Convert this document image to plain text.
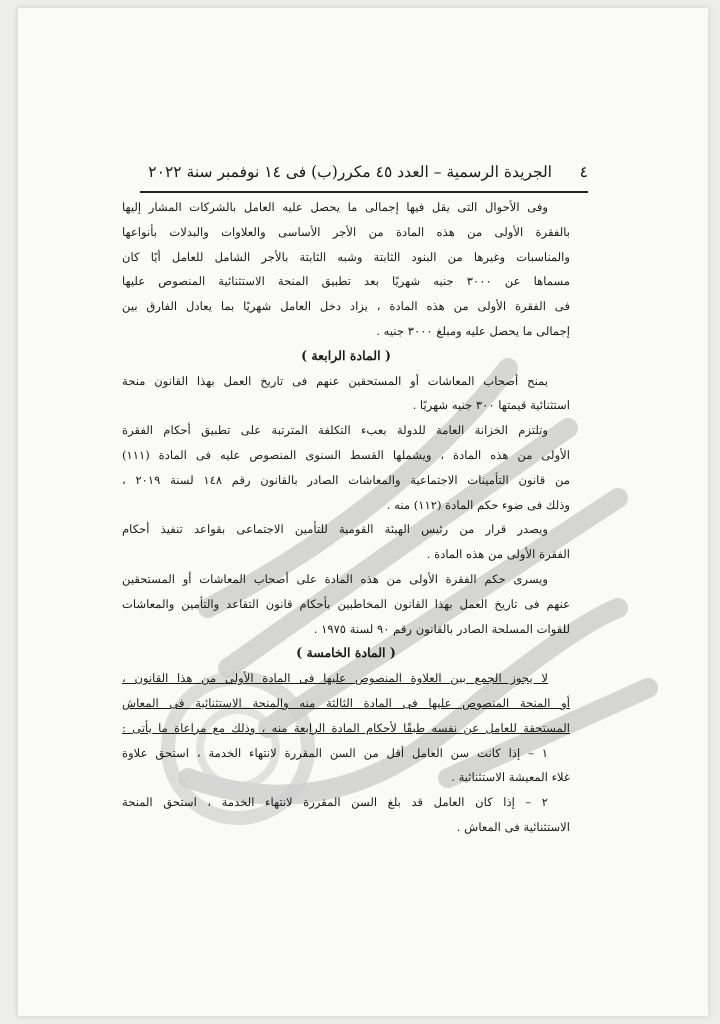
٤
الجريدة الرسمية – العدد ٤٥ مكرر(ب) فى ١٤ نوفمبر سنة ٢٠٢٢
وفى الأحوال التى يقل فيها إجمالى ما يحصل عليه العامل بالشركات المشار إليها
بالفقرة الأولى من هذه المادة من الأجر الأساسى والعلاوات والبدلات بأنواعها
والمناسبات وغيرها من البنود الثابتة وشبه الثابتة بالأجر الشامل للعامل أيًا كان
مسماها عن ٣٠٠٠ جنيه شهريًا بعد تطبيق المنحة الاستثنائية المنصوص عليها
فى الفقرة الأولى من هذه المادة ، يزاد دخل العامل شهريًا بما يعادل الفارق بين
إجمالى ما يحصل عليه ومبلغ ٣٠٠٠ جنيه .
( المادة الرابعة )
يمنح أصحاب المعاشات أو المستحقين عنهم فى تاريخ العمل بهذا القانون منحة
استثنائية قيمتها ٣٠٠ جنيه شهريًا .
وتلتزم الخزانة العامة للدولة بعبء التكلفة المترتبة على تطبيق أحكام الفقرة
الأولى من هذه المادة ، ويشملها القسط السنوى المنصوص عليه فى المادة (١١١)
من قانون التأمينات الاجتماعية والمعاشات الصادر بالقانون رقم ١٤٨ لسنة ٢٠١٩ ،
وذلك فى ضوء حكم المادة (١١٢) منه .
ويصدر قرار من رئيس الهيئة القومية للتأمين الاجتماعى بقواعد تنفيذ أحكام
الفقرة الأولى من هذه المادة .
ويسرى حكم الفقرة الأولى من هذه المادة على أصحاب المعاشات أو المستحقين
عنهم فى تاريخ العمل بهذا القانون المخاطبين بأحكام قانون التقاعد والتأمين والمعاشات
للقوات المسلحة الصادر بالقانون رقم ٩٠ لسنة ١٩٧٥ .
( المادة الخامسة )
لا يجوز الجمع بين العلاوة المنصوص عليها فى المادة الأولى من هذا القانون ،
أو المنحة المنصوص عليها فى المادة الثالثة منه والمنحة الاستثنائية فى المعاش
المستحقة للعامل عن نفسه طبقًا لأحكام المادة الرابعة منه ، وذلك مع مراعاة ما يأتى :
١ – إذا كانت سن العامل أقل من السن المقررة لانتهاء الخدمة ، استحق علاوة
غلاء المعيشة الاستثنائية .
٢ – إذا كان العامل قد بلغ السن المقررة لانتهاء الخدمة ، استحق المنحة
الاستثنائية فى المعاش .
